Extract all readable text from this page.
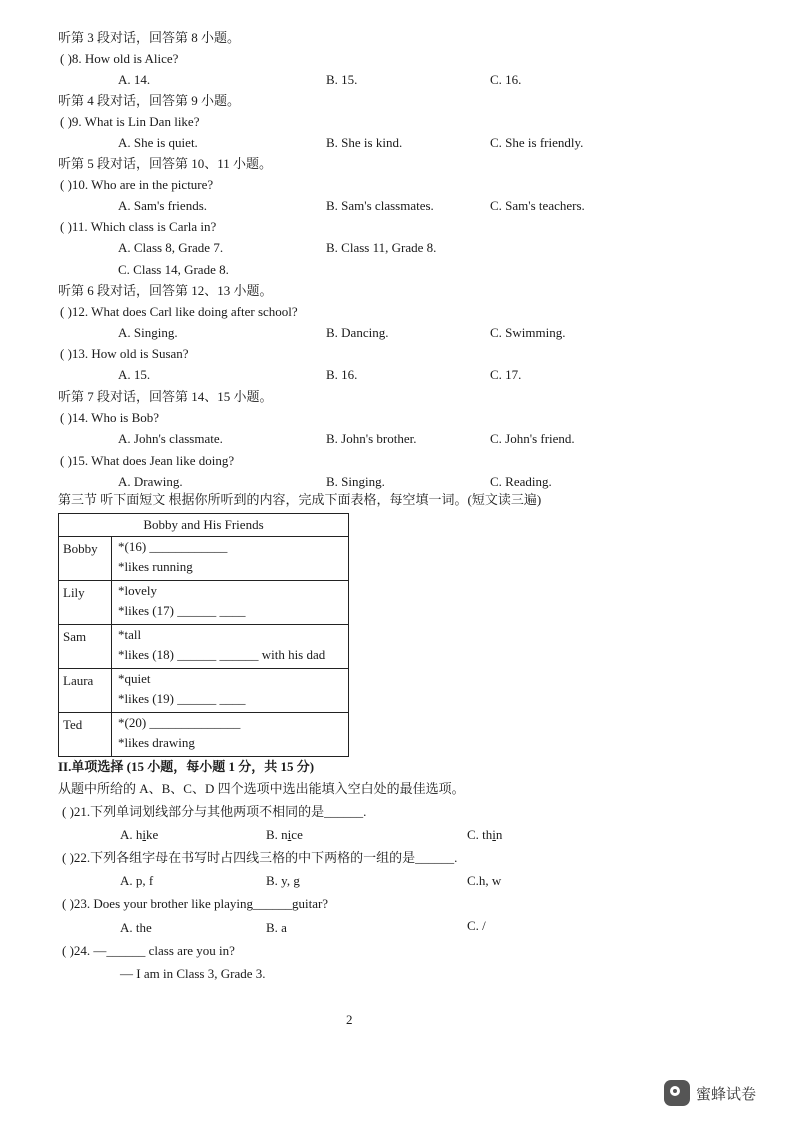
听第 3 段对话，回答第 8 小题。
( )8. How old is Alice?
A. 14.	B. 15.	C. 16.
听第 4 段对话，回答第 9 小题。
( )9. What is Lin Dan like?
A. She is quiet.	B. She is kind.	C. She is friendly.
听第 5 段对话，回答第 10、11 小题。
( )10. Who are in the picture?
A. Sam's friends.	B. Sam's classmates.	C. Sam's teachers.
( )11. Which class is Carla in?
A. Class 8, Grade 7.	B. Class 11, Grade 8.
C. Class 14, Grade 8.
听第 6 段对话，回答第 12、13 小题。
( )12. What does Carl like doing after school?
A. Singing.	B. Dancing.	C. Swimming.
( )13. How old is Susan?
A. 15.	B. 16.	C. 17.
听第 7 段对话，回答第 14、15 小题。
( )14. Who is Bob?
A. John's classmate.	B. John's brother.	C. John's friend.
( )15. What does Jean like doing?
A. Drawing.	B. Singing.	C. Reading.
第三节 听下面短文 根据你所听到的内容，完成下面表格，每空填一词。(短文读三遍)
Bobby and His Friends	
Bobby	*(16) ____________
*likes running

Lily	*lovely
*likes (17) ______ ____

Sam	*tall
*likes (18) ______ ______ with his dad

Laura	*quiet
*likes (19) ______ ____

Ted	*(20) ______________
*likes drawing
II.单项选择 (15 小题，每小题 1 分，共 15 分)
从题中所给的 A、B、C、D 四个选项中选出能填入空白处的最佳选项。
( )21.下列单词划线部分与其他两项不相同的是______.
A. hike	B. nice	C. thin
( )22.下列各组字母在书写时占四线三格的中下两格的一组的是______.
A. p, f	B. y, g	C.h, w
( )23. Does your brother like playing______guitar?
A. the	B. a	C. /
( )24. —______ class are you in?
— I am in Class 3, Grade 3.
2
蜜蜂试卷
